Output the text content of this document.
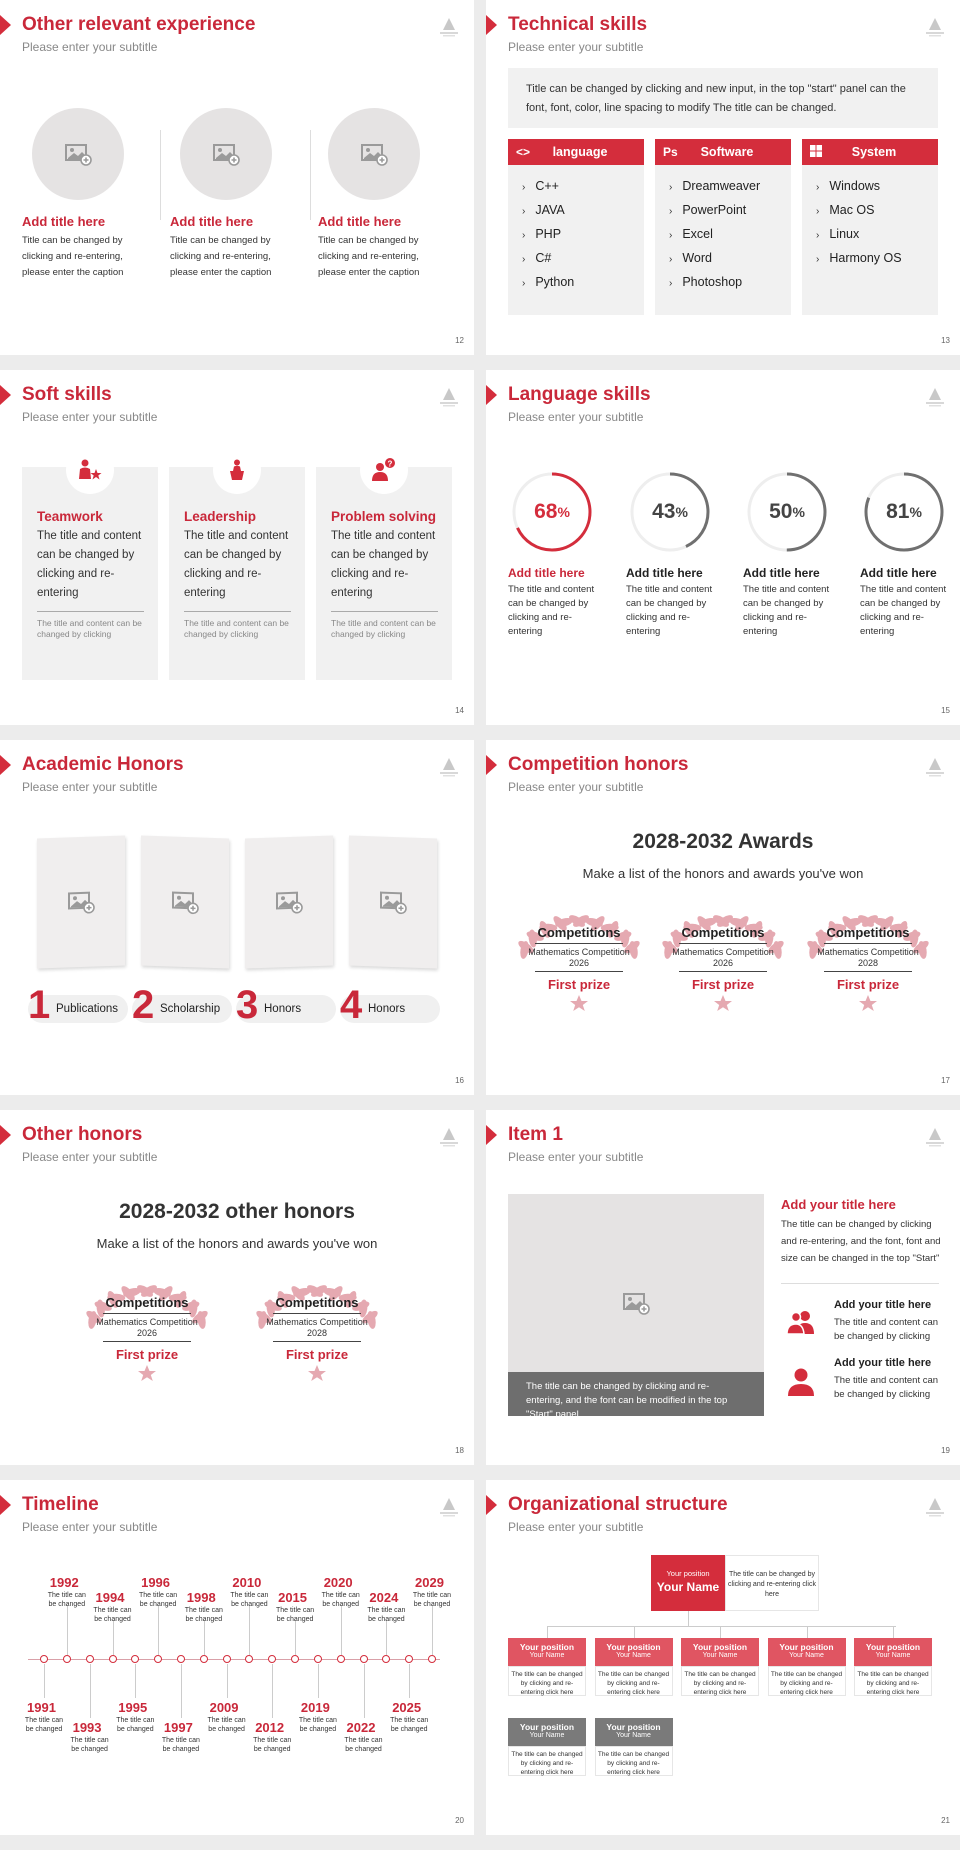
Other relevant experience
Please enter your subtitle
12
Add title here
Title can be changed by clicking and re-entering, please enter the caption
Add title here
Title can be changed by clicking and re-entering, please enter the caption
Add title here
Title can be changed by clicking and re-entering, please enter the caption
Technical skills
Please enter your subtitle
13
Title can be changed by clicking and new input, in the top "start" panel can the font, font, color, line spacing to modify The title can be changed.
<>	language
› C++
› JAVA
› PHP
› C#
› Python
Ps	Software
› Dreamweaver
› PowerPoint
› Excel
› Word
› Photoshop
System
› Windows
› Mac OS
› Linux
› Harmony OS
Soft skills
Please enter your subtitle
14
Teamwork
The title and content can be changed by clicking and re-entering
The title and content can be changed by clicking
Leadership
The title and content can be changed by clicking and re-entering
The title and content can be changed by clicking
?
Problem solving
The title and content can be changed by clicking and re-entering
The title and content can be changed by clicking
Language skills
Please enter your subtitle
15
68 %
Add title here
The title and content can be changed by clicking and re-entering
43 %
Add title here
The title and content can be changed by clicking and re-entering
50 %
Add title here
The title and content can be changed by clicking and re-entering
81 %
Add title here
The title and content can be changed by clicking and re-entering
Academic Honors
Please enter your subtitle
16
1 Publications 2 Scholarship 3 Honors 4 Honors
Competition honors
Please enter your subtitle
17
2028-2032 Awards
Make a list of the honors and awards you've won
Competitions
Mathematics Competition
2026
First prize
Competitions
Mathematics Competition
2026
First prize
Competitions
Mathematics Competition
2028
First prize
Other honors
Please enter your subtitle
18
2028-2032 other honors
Make a list of the honors and awards you've won
Competitions
Mathematics Competition
2026
First prize
Competitions
Mathematics Competition
2028
First prize
Item 1
Please enter your subtitle
19
The title can be changed by clicking and re-entering, and the font can be modified in the top "Start" panel.
Add your title here
The title can be changed by clicking and re-entering, and the font, font and size can be changed in the top "Start"
Add your title here
The title and content can be changed by clicking
Add your title here
The title and content can be changed by clicking
Timeline
Please enter your subtitle
20
1991
The title can be changed
1992
The title can be changed
1993
The title can be changed
1994
The title can be changed
1995
The title can be changed
1996
The title can be changed
1997
The title can be changed
1998
The title can be changed
2009
The title can be changed
2010
The title can be changed
2012
The title can be changed
2015
The title can be changed
2019
The title can be changed
2020
The title can be changed
2022
The title can be changed
2024
The title can be changed
2025
The title can be changed
2029
The title can be changed
Organizational structure
Please enter your subtitle
21
Your position
Your Name
The title can be changed by clicking and re-entering click here
Your position
Your Name
The title can be changed by clicking and re-entering click here
Your position
Your Name
The title can be changed by clicking and re-entering click here
Your position
Your Name
The title can be changed by clicking and re-entering click here
Your position
Your Name
The title can be changed by clicking and re-entering click here
Your position
Your Name
The title can be changed by clicking and re-entering click here
Your position
Your Name
The title can be changed by clicking and re-entering click here
Your position
Your Name
The title can be changed by clicking and re-entering click here
